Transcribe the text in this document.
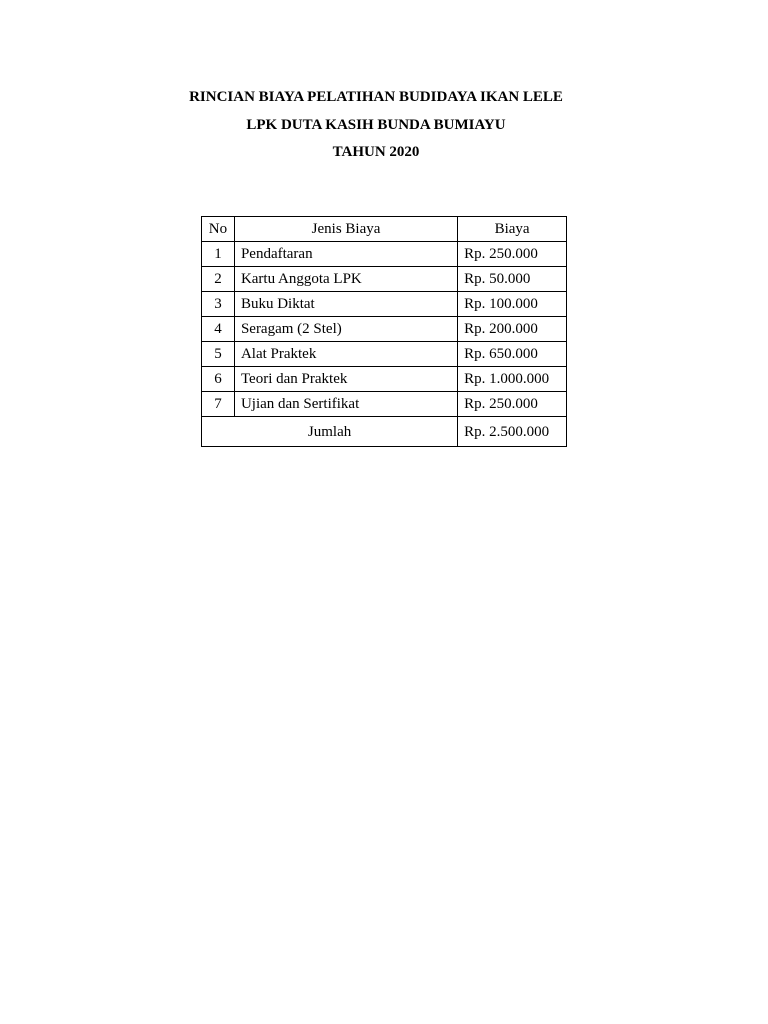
RINCIAN BIAYA PELATIHAN BUDIDAYA IKAN LELE
LPK DUTA KASIH BUNDA BUMIAYU
TAHUN 2020
No	Jenis Biaya	Biaya
1	Pendaftaran	Rp. 250.000
2	Kartu Anggota LPK	Rp. 50.000
3	Buku Diktat	Rp. 100.000
4	Seragam (2 Stel)	Rp. 200.000
5	Alat Praktek	Rp. 650.000
6	Teori dan Praktek	Rp. 1.000.000
7	Ujian dan Sertifikat	Rp. 250.000
Jumlah		Rp. 2.500.000
